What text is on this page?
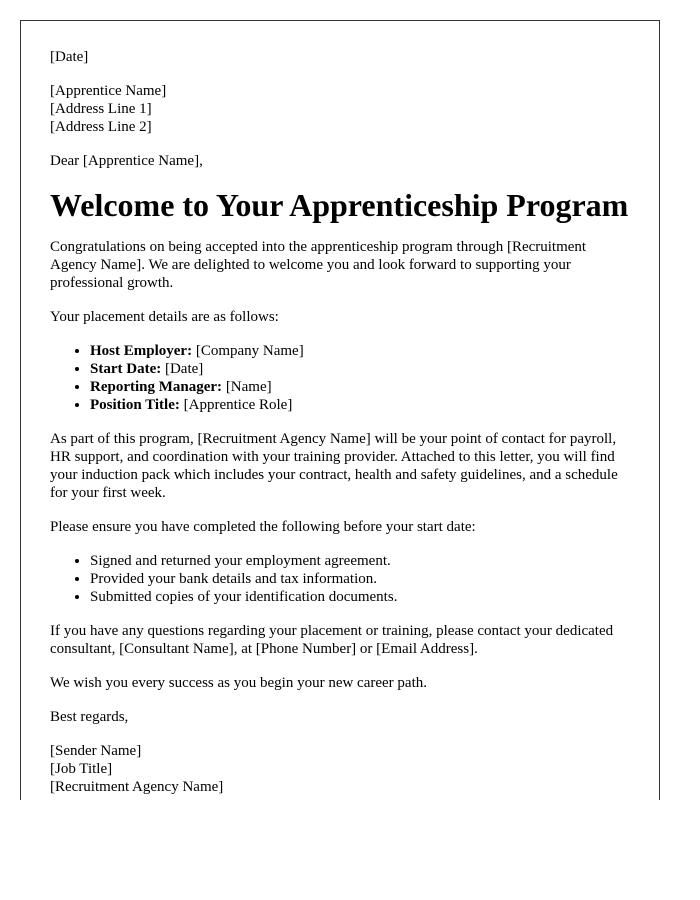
[Date]

[Apprentice Name]
[Address Line 1]
[Address Line 2]

Dear [Apprentice Name],

Welcome to Your Apprenticeship Program

Congratulations on being accepted into the apprenticeship program through [Recruitment Agency Name]. We are delighted to welcome you and look forward to supporting your professional growth.

Your placement details are as follows:

• Host Employer: [Company Name]
• Start Date: [Date]
• Reporting Manager: [Name]
• Position Title: [Apprentice Role]

As part of this program, [Recruitment Agency Name] will be your point of contact for payroll, HR support, and coordination with your training provider. Attached to this letter, you will find your induction pack which includes your contract, health and safety guidelines, and a schedule for your first week.

Please ensure you have completed the following before your start date:

• Signed and returned your employment agreement.
• Provided your bank details and tax information.
• Submitted copies of your identification documents.

If you have any questions regarding your placement or training, please contact your dedicated consultant, [Consultant Name], at [Phone Number] or [Email Address].

We wish you every success as you begin your new career path.

Best regards,

[Sender Name]
[Job Title]
[Recruitment Agency Name]
